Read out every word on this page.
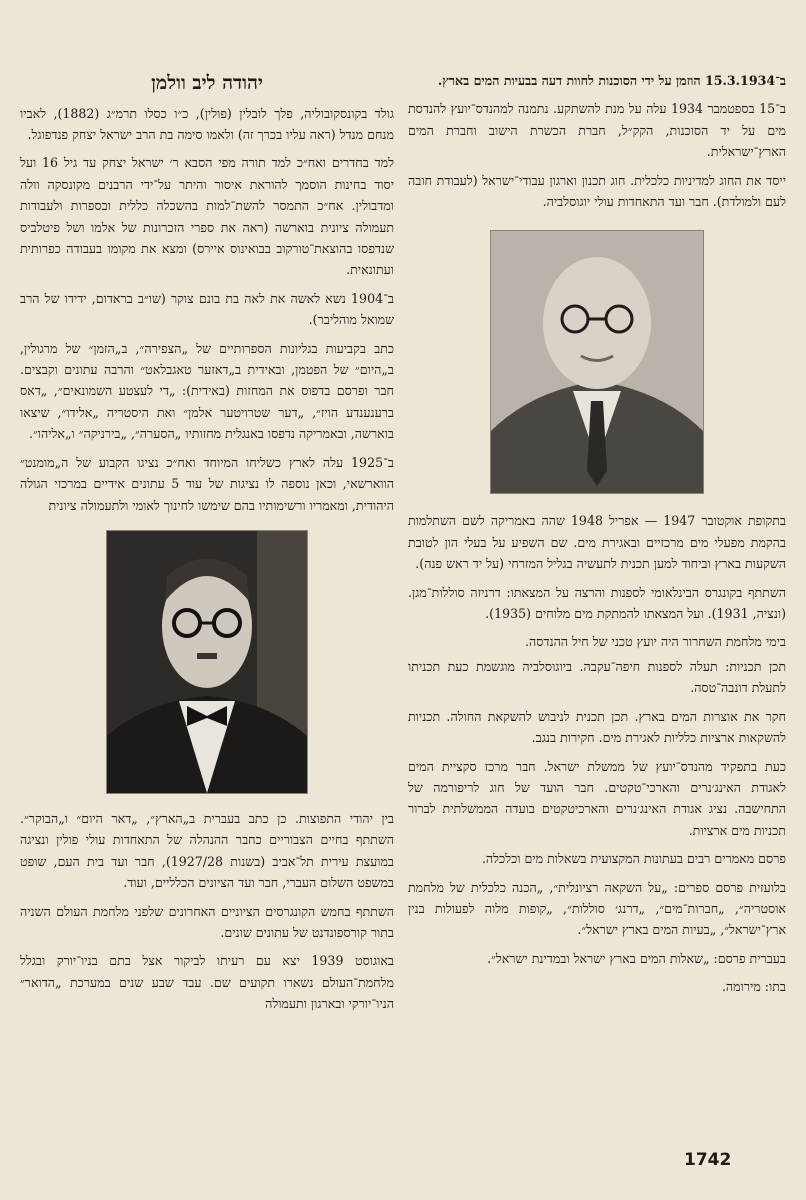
ב־15.3.1934 הוזמן על ידי הסוכנות לחוות דעה בבעיות המים בארץ.

ב־15 בספטמבר 1934 עלה על מנת להשתקע. נתמנה למהנדס־יועץ להנדסת מים על יד הסוכנות, הקק״ל, חברת הכשרת הישוב וחברת המים הארץ־ישראלית.

ייסד את החוג למדיניות כלכלית. חוג תכנון וארגון עבודי־ישראל (לעבודת חובה לעם ולמולדת). חבר ועד התאחדות עולי יוגוסלביה.

בתקופת אוקטובר 1947 — אפריל 1948 שהה באמריקה לשם השתלמות בהקמת מפעלי מים מרכזיים ובאגירת מים. שם השפיע על בעלי הון לטובת השקעות בארץ וביחוד למען תכנית לתעשיה בגליל המזרחי (על יד ראש פנה).

השתתף בקונגרס הבינלאומי לספנות והרצה על המצאתו: דרניזה סוללות־מגן. (ונציה, 1931). ועל המצאתו להמתקת מים מלוחים (1935).

בימי מלחמת השחרור היה יועץ טכני של חיל ההנדסה.

תכן תכניות: תעלה לספנות חיפה־עקבה. ביוגוסלביה מוגשמת כעת תכניתו לתעלת דונבה־טסה.

חקר את אוצרות המים בארץ. תכן תכנית לניבוש להשקאת החולה. תכניות להשקאות ארציות כלליות לאגירת מים. חקירות בנגב.

כעת בתפקיד מהנדס־יועץ של ממשלת ישראל. חבר מרכז סקציית המים לאגודת האינג׳נרים והארכי־טקטים. חבר הועד של חוג לריפורמה של התחישבה. נציג אגודת האינג׳נרים והארכיטקטים בועדה הממשלתית לברור תכניות מים ארציות.

פרסם מאמרים רבים בעתונות המקצועית בשאלות מים וכלכלה.

בלועזית פרסם ספרים: „על השקאה רציונלית״, „הכנה כלכלית של מלחמת אוסטריה״, „חברות־מים״, „דרנג׳ סוללות״, „קופות מלוה לפעולות בנין ארץ־ישראל״, „בעיות המים בארץ ישראל״.

בעברית פרסם: „שאלות המים בארץ ישראל ובמדינת ישראל״.

בתו: מירומה.

יהודה ליב וולמן

גולד בקונסקובוליה, פלך לובלין (פולין), כ״ו כסלו תרמ״ג (1882), לאביו מנחם מנדל (ראה עליו בכרך זה) ולאמו סימה בת הרב ישראל יצחק פנדפוגל.

למד בחדרים ואח״כ למד תורה מפי הסבא ר׳ ישראל יצחק עד גיל 16 ועל יסוד בחינות הוסמך להוראת איסור והיתר על־ידי הרבנים מקונסקה וולה ומדבולין. אח״כ התמסר להשת־למות בהשכלה כללית ובספרות ולעבודות תעמולה ציונית בוארשה (ראה את ספרי הזכרונות של אלמו ושל פיטלביס שנדפסו בהוצאת־טורקוב בבואינוס איירס) ומצא את מקומו בעבודה כפרותית ועתונאית.

ב־1904 נשא לאשה את לאה בת בונם צוקר (שו״ב בראדום, ידידו של הרב שמואל מוהליבר).

כתב בקביעות בגליונות הספרותיים של „הצפירה״, ב„הזמן״ של מרגולין, ב„היום״ של הפטמן, ובאידית ב„דאזער טאגבלאט״ והרבה עתונים וקבצים. חבר ופרסם בדפוס את המחזות (באידית): „די לעצטע השמונאים״, „דאס ברענענדע הויז״, „דער שטרויטער אלמן״ ואת היסטריה „אלידו״, שיצאו בוארשה, ובאמריקה נדפסו באנגלית מחזותיו „הסערה״, „בירניקה״ ו„אליהו״.

ב־1925 עלה לארץ כשליחו המיוחד ואח״כ נציגו הקבוע של ה„מומנט״ הווארשאי, וכאן נוספה לו נציגות של עוד 5 עתונים אידיים במרכזי הגולה היהודית, ומאמריו ורשימותיו בהם שימשו לחינוך לאומי ולתעמולה ציונית

בין יהודי התפוצות. כן כתב בעברית ב„הארץ״, „דאר היום״ ו„הבוקר״. השתתף בחיים הצבוריים כחבר ההנהלה של התאחדות עולי פולין ונציגה במועצת עירית תל־אביב (בשנות 1927/28), חבר ועד בית העם, שופט במשפט השלום העברי, חבר ועד הציונים הכלליים, ועוד.

השתתף בחמש הקונגרסים הציוניים האחרונים שלפני מלחמת העולם השניה בתור קורספונדנט של עתונים שונים.

באוגוסט 1939 יצא עם רעיתו לביקור אצל בתם בניו־יורק ובגלל מלחמת־העולם נשארו תקועים שם. עבד שבע שנים במערכת „הדואר״ הניו־יורקי ובארגון ותעמולה

1742
